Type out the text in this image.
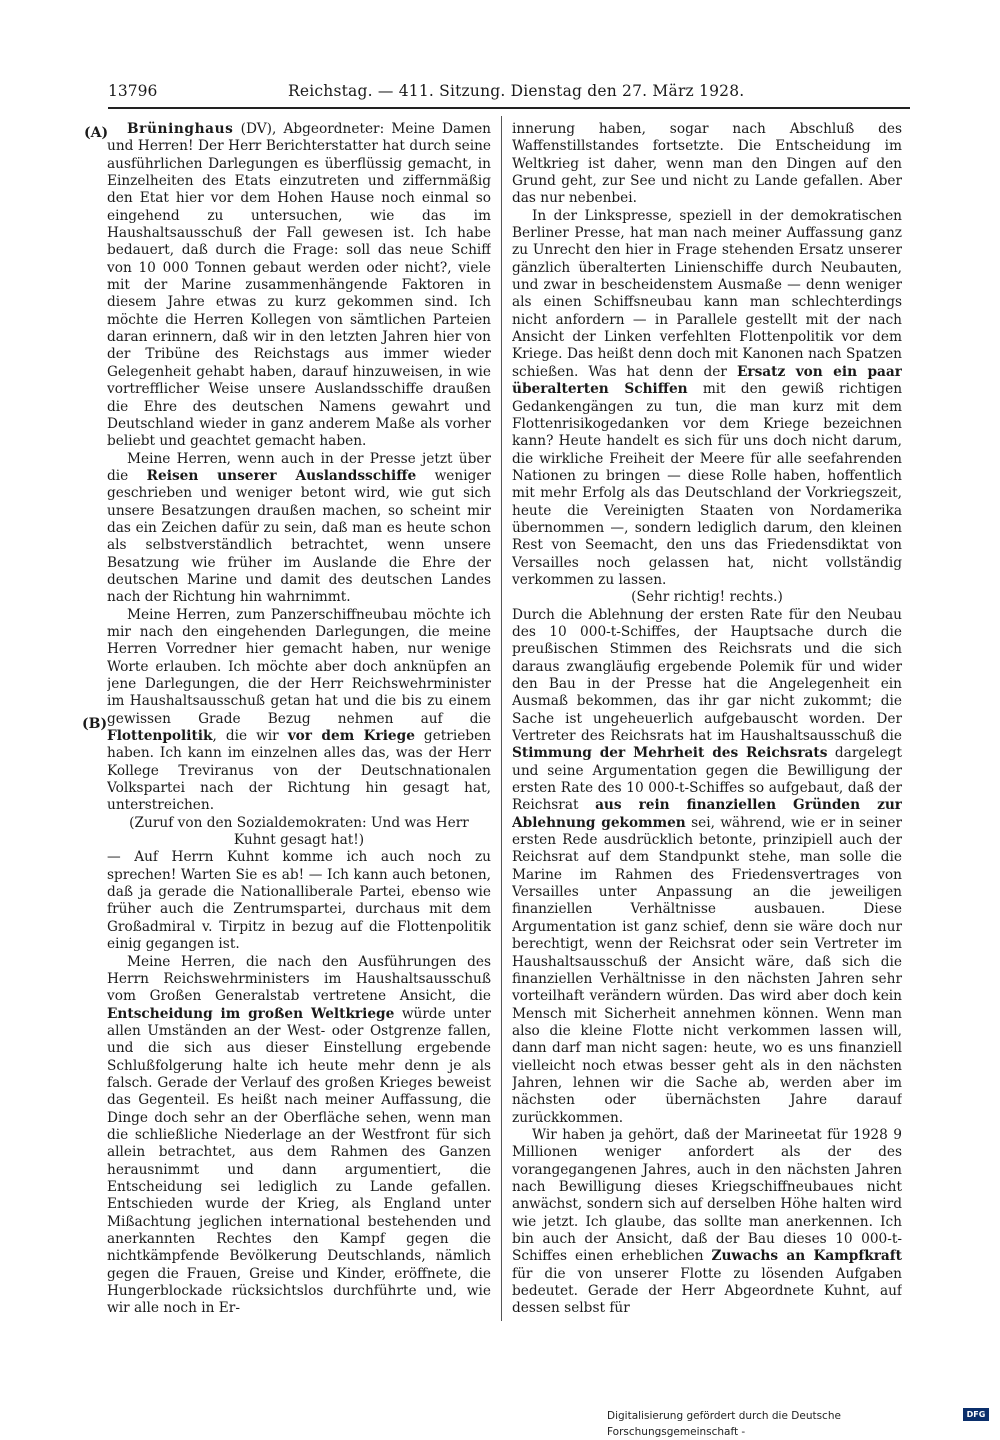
13796	Reichstag. — 411. Sitzung. Dienstag den 27. März 1928.
(A)
(B)

Brüninghaus (DV), Abgeordneter: Meine Damen und Herren! Der Herr Berichterstatter hat durch seine ausführlichen Darlegungen es überflüssig gemacht, in Einzelheiten des Etats einzutreten und ziffernmäßig den Etat hier vor dem Hohen Hause noch einmal so eingehend zu untersuchen, wie das im Haushaltsausschuß der Fall gewesen ist. Ich habe bedauert, daß durch die Frage: soll das neue Schiff von 10 000 Tonnen gebaut werden oder nicht?, viele mit der Marine zusammenhängende Faktoren in diesem Jahre etwas zu kurz gekommen sind. Ich möchte die Herren Kollegen von sämtlichen Parteien daran erinnern, daß wir in den letzten Jahren hier von der Tribüne des Reichstags aus immer wieder Gelegenheit gehabt haben, darauf hinzuweisen, in wie vortrefflicher Weise unsere Auslandsschiffe draußen die Ehre des deutschen Namens gewahrt und Deutschland wieder in ganz anderem Maße als vorher beliebt und geachtet gemacht haben.

Meine Herren, wenn auch in der Presse jetzt über die Reisen unserer Auslandsschiffe weniger geschrieben und weniger betont wird, wie gut sich unsere Besatzungen draußen machen, so scheint mir das ein Zeichen dafür zu sein, daß man es heute schon als selbstverständlich betrachtet, wenn unsere Besatzung wie früher im Auslande die Ehre der deutschen Marine und damit des deutschen Landes nach der Richtung hin wahrnimmt.

Meine Herren, zum Panzerschiffneubau möchte ich mir nach den eingehenden Darlegungen, die meine Herren Vorredner hier gemacht haben, nur wenige Worte erlauben. Ich möchte aber doch anknüpfen an jene Darlegungen, die der Herr Reichswehrminister im Haushaltsausschuß getan hat und die bis zu einem gewissen Grade Bezug nehmen auf die Flottenpolitik, die wir vor dem Kriege getrieben haben. Ich kann im einzelnen alles das, was der Herr Kollege Treviranus von der Deutschnationalen Volkspartei nach der Richtung hin gesagt hat, unterstreichen.

(Zuruf von den Sozialdemokraten: Und was Herr Kuhnt gesagt hat!)

— Auf Herrn Kuhnt komme ich auch noch zu sprechen! Warten Sie es ab! — Ich kann auch betonen, daß ja gerade die Nationalliberale Partei, ebenso wie früher auch die Zentrumspartei, durchaus mit dem Großadmiral v. Tirpitz in bezug auf die Flottenpolitik einig gegangen ist.

Meine Herren, die nach den Ausführungen des Herrn Reichswehrministers im Haushaltsausschuß vom Großen Generalstab vertretene Ansicht, die Entscheidung im großen Weltkriege würde unter allen Umständen an der West- oder Ostgrenze fallen, und die sich aus dieser Einstellung ergebende Schlußfolgerung halte ich heute mehr denn je als falsch. Gerade der Verlauf des großen Krieges beweist das Gegenteil. Es heißt nach meiner Auffassung, die Dinge doch sehr an der Oberfläche sehen, wenn man die schließliche Niederlage an der Westfront für sich allein betrachtet, aus dem Rahmen des Ganzen herausnimmt und dann argumentiert, die Entscheidung sei lediglich zu Lande gefallen. Entschieden wurde der Krieg, als England unter Mißachtung jeglichen international bestehenden und anerkannten Rechtes den Kampf gegen die nichtkämpfende Bevölkerung Deutschlands, nämlich gegen die Frauen, Greise und Kinder, eröffnete, die Hungerblockade rücksichtslos durchführte und, wie wir alle noch in Er-

innerung haben, sogar nach Abschluß des Waffenstillstandes fortsetzte. Die Entscheidung im Weltkrieg ist daher, wenn man den Dingen auf den Grund geht, zur See und nicht zu Lande gefallen. Aber das nur nebenbei.

In der Linkspresse, speziell in der demokratischen Berliner Presse, hat man nach meiner Auffassung ganz zu Unrecht den hier in Frage stehenden Ersatz unserer gänzlich überalterten Linienschiffe durch Neubauten, und zwar in bescheidenstem Ausmaße — denn weniger als einen Schiffsneubau kann man schlechterdings nicht anfordern — in Parallele gestellt mit der nach Ansicht der Linken verfehlten Flottenpolitik vor dem Kriege. Das heißt denn doch mit Kanonen nach Spatzen schießen. Was hat denn der Ersatz von ein paar überalterten Schiffen mit den gewiß richtigen Gedankengängen zu tun, die man kurz mit dem Flottenrisikogedanken vor dem Kriege bezeichnen kann? Heute handelt es sich für uns doch nicht darum, die wirkliche Freiheit der Meere für alle seefahrenden Nationen zu bringen — diese Rolle haben, hoffentlich mit mehr Erfolg als das Deutschland der Vorkriegszeit, heute die Vereinigten Staaten von Nordamerika übernommen —, sondern lediglich darum, den kleinen Rest von Seemacht, den uns das Friedensdiktat von Versailles noch gelassen hat, nicht vollständig verkommen zu lassen.

(Sehr richtig! rechts.)

Durch die Ablehnung der ersten Rate für den Neubau des 10 000-t-Schiffes, der Hauptsache durch die preußischen Stimmen des Reichsrats und die sich daraus zwangläufig ergebende Polemik für und wider den Bau in der Presse hat die Angelegenheit ein Ausmaß bekommen, das ihr gar nicht zukommt; die Sache ist ungeheuerlich aufgebauscht worden. Der Vertreter des Reichsrats hat im Haushaltsausschuß die Stimmung der Mehrheit des Reichsrats dargelegt und seine Argumentation gegen die Bewilligung der ersten Rate des 10 000-t-Schiffes so aufgebaut, daß der Reichsrat aus rein finanziellen Gründen zur Ablehnung gekommen sei, während, wie er in seiner ersten Rede ausdrücklich betonte, prinzipiell auch der Reichsrat auf dem Standpunkt stehe, man solle die Marine im Rahmen des Friedensvertrages von Versailles unter Anpassung an die jeweiligen finanziellen Verhältnisse ausbauen. Diese Argumentation ist ganz schief, denn sie wäre doch nur berechtigt, wenn der Reichsrat oder sein Vertreter im Haushaltsausschuß der Ansicht wäre, daß sich die finanziellen Verhältnisse in den nächsten Jahren sehr vorteilhaft verändern würden. Das wird aber doch kein Mensch mit Sicherheit annehmen können. Wenn man also die kleine Flotte nicht verkommen lassen will, dann darf man nicht sagen: heute, wo es uns finanziell vielleicht noch etwas besser geht als in den nächsten Jahren, lehnen wir die Sache ab, werden aber im nächsten oder übernächsten Jahre darauf zurückkommen.

Wir haben ja gehört, daß der Marineetat für 1928 9 Millionen weniger anfordert als der des vorangegangenen Jahres, auch in den nächsten Jahren nach Bewilligung dieses Kriegschiffneubaues nicht anwächst, sondern sich auf derselben Höhe halten wird wie jetzt. Ich glaube, das sollte man anerkennen. Ich bin auch der Ansicht, daß der Bau dieses 10 000-t-Schiffes einen erheblichen Zuwachs an Kampfkraft für die von unserer Flotte zu lösenden Aufgaben bedeutet. Gerade der Herr Abgeordnete Kuhnt, auf dessen selbst für

Digitalisierung gefördert durch die Deutsche Forschungsgemeinschaft -
DFG
